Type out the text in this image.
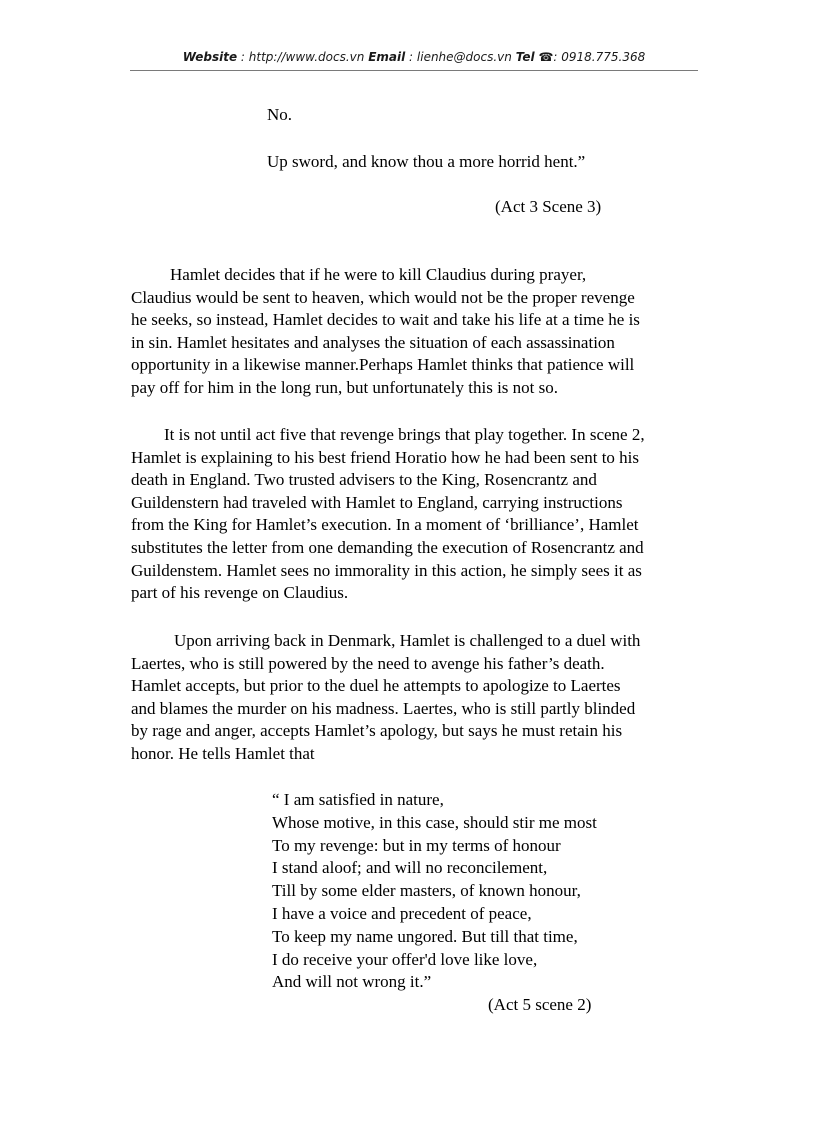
Website : http://www.docs.vn Email : lienhe@docs.vn Tel ☎: 0918.775.368
No.
Up sword, and know thou a more horrid hent.”
(Act 3 Scene 3)
Hamlet decides that if he were to kill Claudius during prayer,
Claudius would be sent to heaven, which would not be the proper revenge
he seeks, so instead, Hamlet decides to wait and take his life at a time he is
in sin. Hamlet hesitates and analyses the situation of each assassination
opportunity in a likewise manner.Perhaps Hamlet thinks that patience will
pay off for him in the long run, but unfortunately this is not so.
It is not until act five that revenge brings that play together. In scene 2,
Hamlet is explaining to his best friend Horatio how he had been sent to his
death in England. Two trusted advisers to the King, Rosencrantz and
Guildenstern had traveled with Hamlet to England, carrying instructions
from the King for Hamlet’s execution. In a moment of ‘brilliance’, Hamlet
substitutes the letter from one demanding the execution of Rosencrantz and
Guildenstem. Hamlet sees no immorality in this action, he simply sees it as
part of his revenge on Claudius.
Upon arriving back in Denmark, Hamlet is challenged to a duel with
Laertes, who is still powered by the need to avenge his father’s death.
Hamlet accepts, but prior to the duel he attempts to apologize to Laertes
and blames the murder on his madness. Laertes, who is still partly blinded
by rage and anger, accepts Hamlet’s apology, but says he must retain his
honor. He tells Hamlet that
“ I am satisfied in nature,
Whose motive, in this case, should stir me most
To my revenge: but in my terms of honour
I stand aloof; and will no reconcilement,
Till by some elder masters, of known honour,
I have a voice and precedent of peace,
To keep my name ungored. But till that time,
I do receive your offer'd love like love,
And will not wrong it.”
(Act 5 scene 2)
